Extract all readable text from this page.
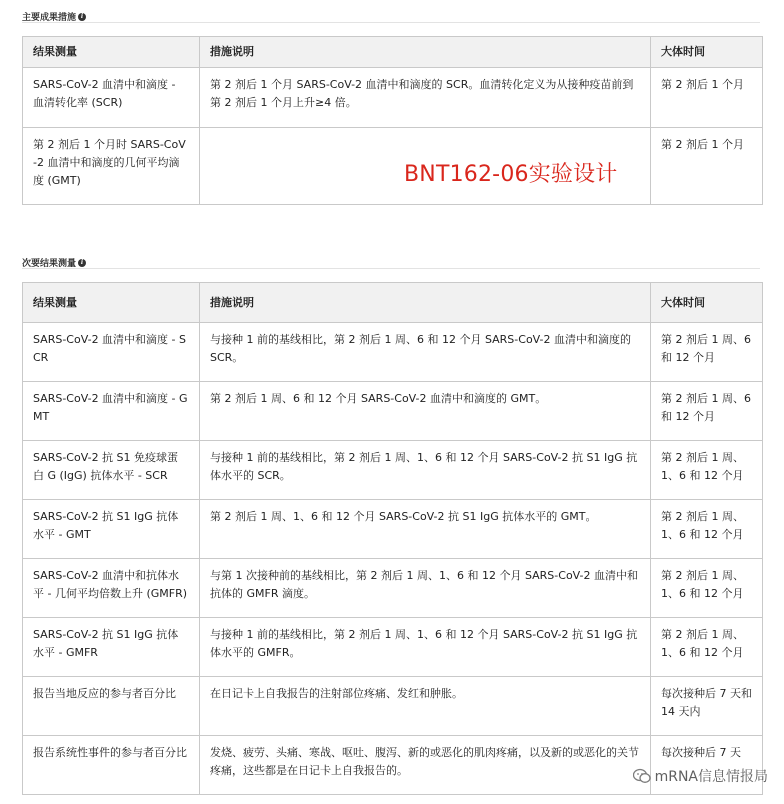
主要成果措施 i
结果测量	措施说明	大体时间
SARS-CoV-2 血清中和滴度 - 血清转化率 (SCR)	第 2 剂后 1 个月 SARS-CoV-2 血清中和滴度的 SCR。血清转化定义为从接种疫苗前到第 2 剂后 1 个月上升≥4 倍。	第 2 剂后 1 个月
第 2 剂后 1 个月时 SARS-CoV-2 血清中和滴度的几何平均滴度 (GMT)		第 2 剂后 1 个月
BNT162-06实验设计
次要结果测量 i
结果测量	措施说明	大体时间
SARS-CoV-2 血清中和滴度 - SCR	与接种 1 前的基线相比，第 2 剂后 1 周、6 和 12 个月 SARS-CoV-2 血清中和滴度的 SCR。	第 2 剂后 1 周、6 和 12 个月
SARS-CoV-2 血清中和滴度 - GMT	第 2 剂后 1 周、6 和 12 个月 SARS-CoV-2 血清中和滴度的 GMT。	第 2 剂后 1 周、6 和 12 个月
SARS-CoV-2 抗 S1 免疫球蛋白 G (IgG) 抗体水平 - SCR	与接种 1 前的基线相比，第 2 剂后 1 周、1、6 和 12 个月 SARS-CoV-2 抗 S1 IgG 抗体水平的 SCR。	第 2 剂后 1 周、1、6 和 12 个月
SARS-CoV-2 抗 S1 IgG 抗体水平 - GMT	第 2 剂后 1 周、1、6 和 12 个月 SARS-CoV-2 抗 S1 IgG 抗体水平的 GMT。	第 2 剂后 1 周、1、6 和 12 个月
SARS-CoV-2 血清中和抗体水平 - 几何平均倍数上升 (GMFR)	与第 1 次接种前的基线相比，第 2 剂后 1 周、1、6 和 12 个月 SARS-CoV-2 血清中和抗体的 GMFR 滴度。	第 2 剂后 1 周、1、6 和 12 个月
SARS-CoV-2 抗 S1 IgG 抗体水平 - GMFR	与接种 1 前的基线相比，第 2 剂后 1 周、1、6 和 12 个月 SARS-CoV-2 抗 S1 IgG 抗体水平的 GMFR。	第 2 剂后 1 周、1、6 和 12 个月
报告当地反应的参与者百分比	在日记卡上自我报告的注射部位疼痛、发红和肿胀。	每次接种后 7 天和 14 天内
报告系统性事件的参与者百分比	发烧、疲劳、头痛、寒战、呕吐、腹泻、新的或恶化的肌肉疼痛，以及新的或恶化的关节疼痛，这些都是在日记卡上自我报告的。	每次接种后 7 天
mRNA信息情报局
